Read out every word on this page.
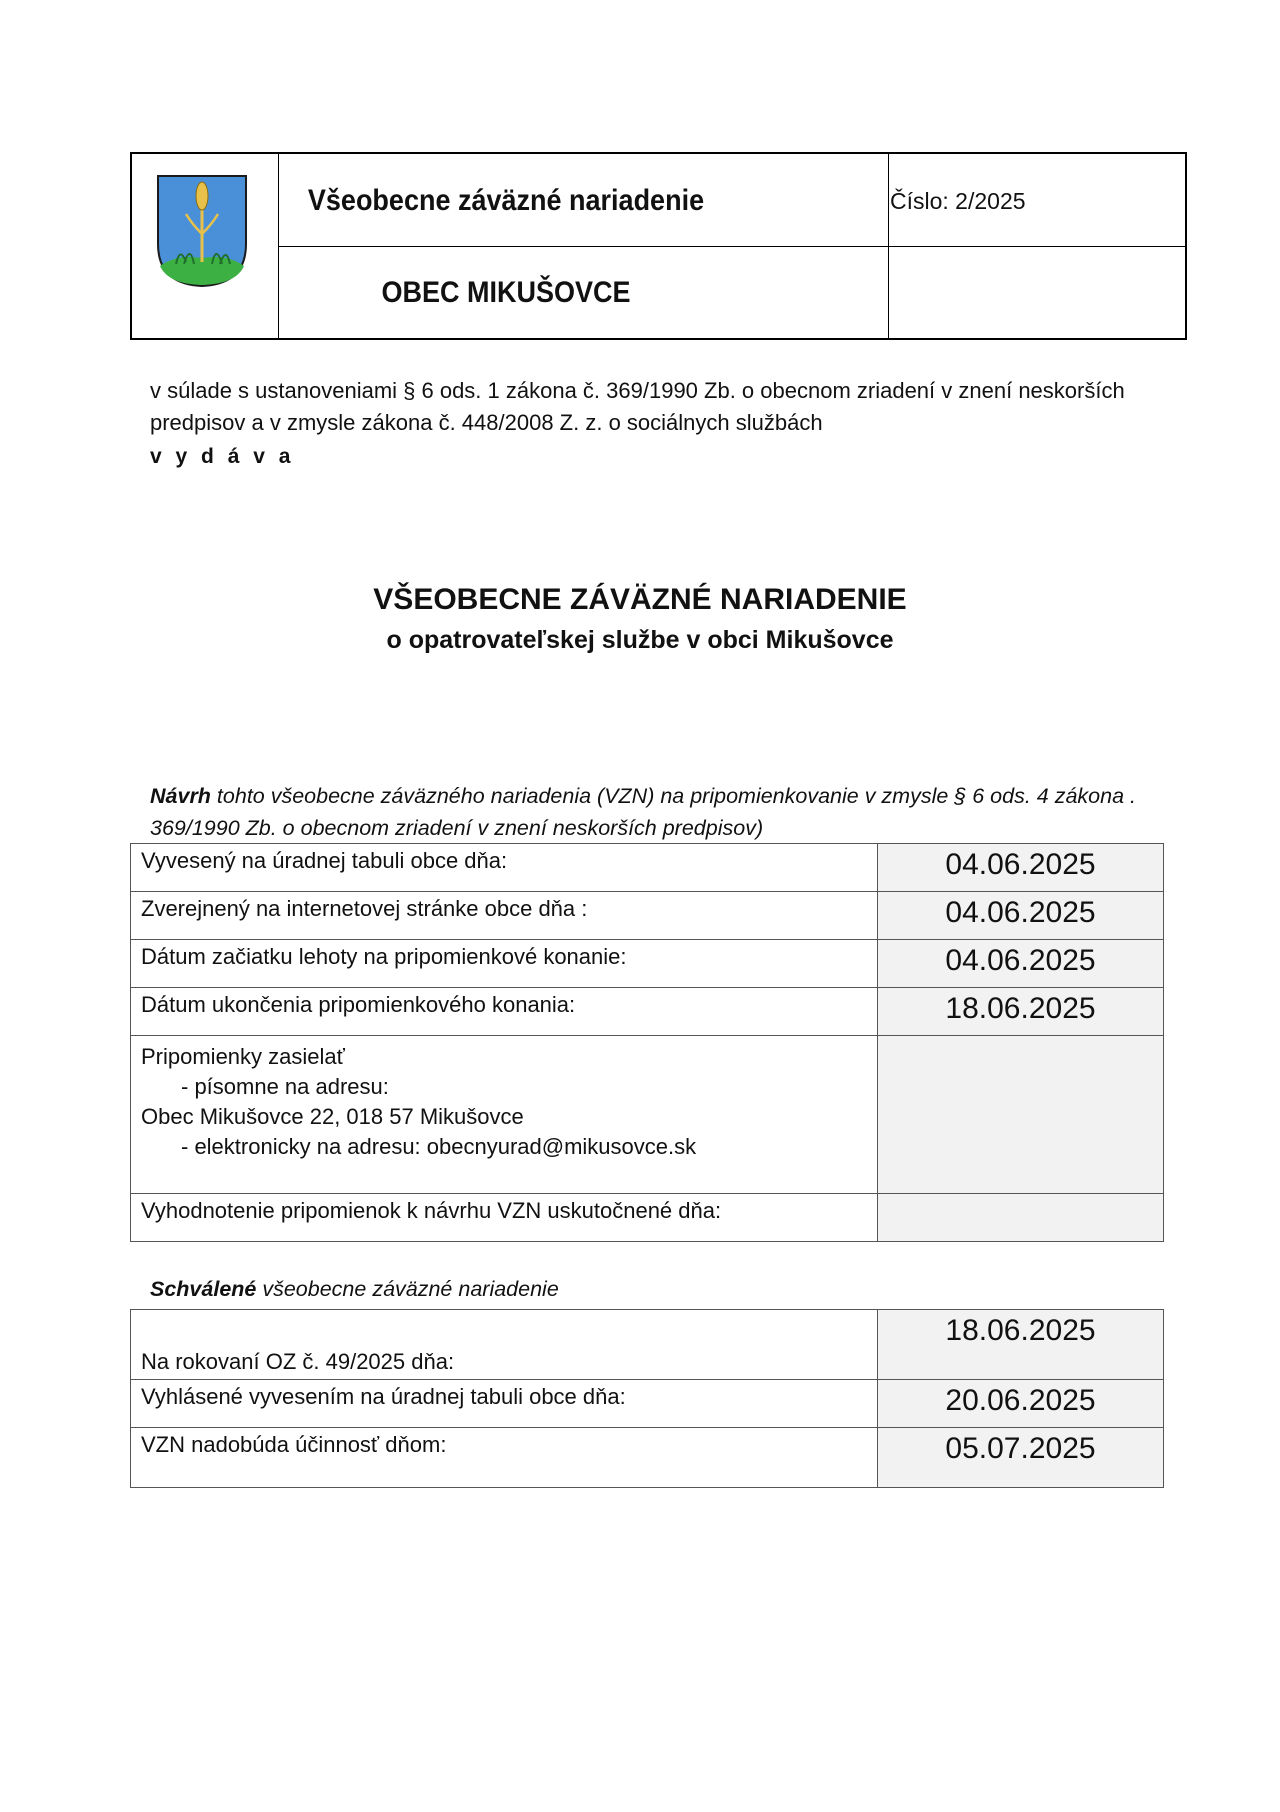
Všeobecne záväzné nariadenie
OBEC MIKUŠOVCE
Číslo: 2/2025
v súlade s ustanoveniami § 6 ods. 1 zákona č. 369/1990 Zb. o obecnom zriadení v znení neskorších predpisov a v zmysle zákona č. 448/2008 Z. z. o sociálnych službách
v y d á v a
VŠEOBECNE ZÁVÄZNÉ NARIADENIE
o opatrovateľskej službe v obci Mikušovce
Návrh tohto všeobecne záväzného nariadenia (VZN) na pripomienkovanie v zmysle § 6 ods. 4 zákona . 369/1990 Zb. o obecnom zriadení v znení neskorších predpisov)
Vyvesený na úradnej tabuli obce dňa:	04.06.2025
Zverejnený na internetovej stránke obce dňa :	04.06.2025
Dátum začiatku lehoty na pripomienkové konanie:	04.06.2025
Dátum ukončenia pripomienkového konania:	18.06.2025

Pripomienky zasielať
- písomne na adresu:
Obec Mikušovce 22, 018 57 Mikušovce
- elektronicky na adresu: obecnyurad@mikusovce.sk	

Vyhodnotenie pripomienok k návrhu VZN uskutočnené dňa:	
Schválené všeobecne záväzné nariadenie
Na rokovaní OZ č. 49/2025 dňa:	18.06.2025
Vyhlásené vyvesením na úradnej tabuli obce dňa:	20.06.2025
VZN nadobúda účinnosť dňom:	05.07.2025
